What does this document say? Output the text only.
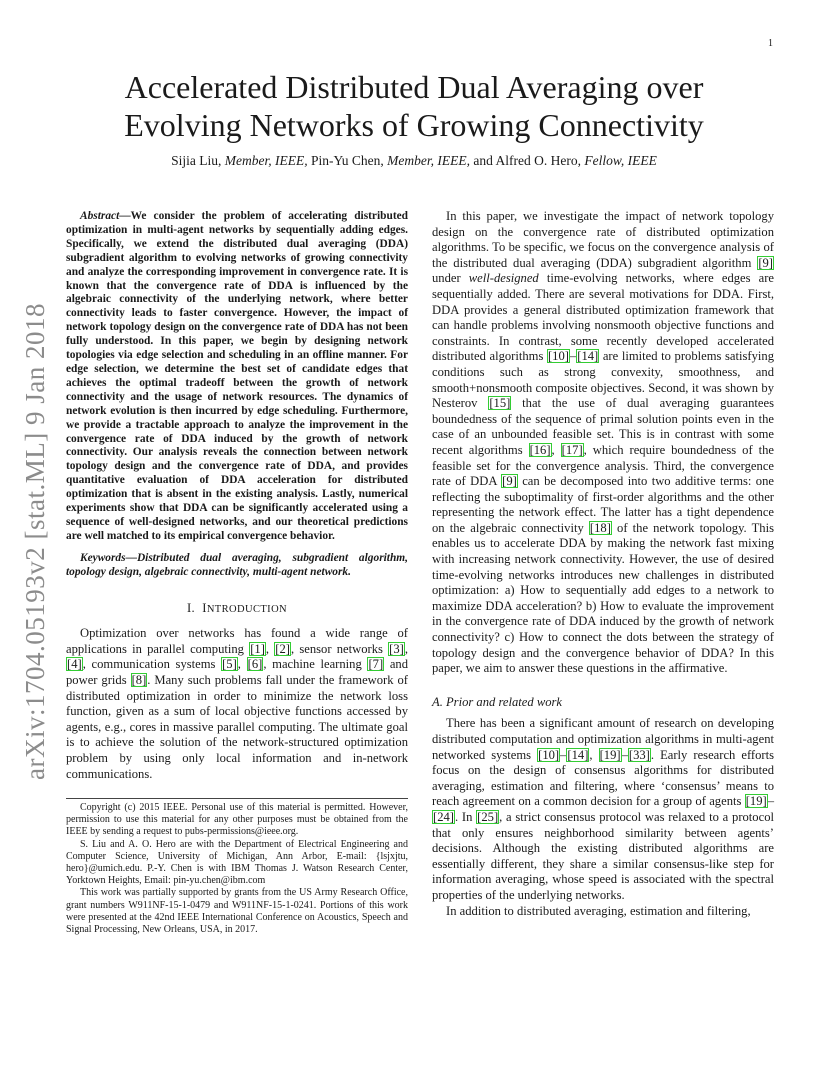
1
Accelerated Distributed Dual Averaging over
Evolving Networks of Growing Connectivity
Sijia Liu, Member, IEEE, Pin-Yu Chen, Member, IEEE, and Alfred O. Hero, Fellow, IEEE
arXiv:1704.05193v2 [stat.ML] 9 Jan 2018

Abstract—We consider the problem of accelerating distributed optimization in multi-agent networks by sequentially adding edges. Specifically, we extend the distributed dual averaging (DDA) subgradient algorithm to evolving networks of growing connectivity and analyze the corresponding improvement in convergence rate. It is known that the convergence rate of DDA is influenced by the algebraic connectivity of the underlying network, where better connectivity leads to faster convergence. However, the impact of network topology design on the convergence rate of DDA has not been fully understood. In this paper, we begin by designing network topologies via edge selection and scheduling in an offline manner. For edge selection, we determine the best set of candidate edges that achieves the optimal tradeoff between the growth of network connectivity and the usage of network resources. The dynamics of network evolution is then incurred by edge scheduling. Furthermore, we provide a tractable approach to analyze the improvement in the convergence rate of DDA induced by the growth of network connectivity. Our analysis reveals the connection between network topology design and the convergence rate of DDA, and provides quantitative evaluation of DDA acceleration for distributed optimization that is absent in the existing analysis. Lastly, numerical experiments show that DDA can be significantly accelerated using a sequence of well-designed networks, and our theoretical predictions are well matched to its empirical convergence behavior.

Keywords—Distributed dual averaging, subgradient algorithm, topology design, algebraic connectivity, multi-agent network.

I. INTRODUCTION

Optimization over networks has found a wide range of applications in parallel computing [1], [2], sensor networks [3], [4], communication systems [5], [6], machine learning [7] and power grids [8]. Many such problems fall under the framework of distributed optimization in order to minimize the network loss function, given as a sum of local objective functions accessed by agents, e.g., cores in massive parallel computing. The ultimate goal is to achieve the solution of the network-structured optimization problem by using only local information and in-network communications.

Copyright (c) 2015 IEEE. Personal use of this material is permitted. However, permission to use this material for any other purposes must be obtained from the IEEE by sending a request to pubs-permissions@ieee.org.

S. Liu and A. O. Hero are with the Department of Electrical Engineering and Computer Science, University of Michigan, Ann Arbor, E-mail: {lsjxjtu, hero}@umich.edu. P.-Y. Chen is with IBM Thomas J. Watson Research Center, Yorktown Heights, Email: pin-yu.chen@ibm.com

This work was partially supported by grants from the US Army Research Office, grant numbers W911NF-15-1-0479 and W911NF-15-1-0241. Portions of this work were presented at the 42nd IEEE International Conference on Acoustics, Speech and Signal Processing, New Orleans, USA, in 2017.

In this paper, we investigate the impact of network topology design on the convergence rate of distributed optimization algorithms. To be specific, we focus on the convergence analysis of the distributed dual averaging (DDA) subgradient algorithm [9] under well-designed time-evolving networks, where edges are sequentially added. There are several motivations for DDA. First, DDA provides a general distributed optimization framework that can handle problems involving nonsmooth objective functions and constraints. In contrast, some recently developed accelerated distributed algorithms [10]–[14] are limited to problems satisfying conditions such as strong convexity, smoothness, and smooth+nonsmooth composite objectives. Second, it was shown by Nesterov [15] that the use of dual averaging guarantees boundedness of the sequence of primal solution points even in the case of an unbounded feasible set. This is in contrast with some recent algorithms [16], [17], which require boundedness of the feasible set for the convergence analysis. Third, the convergence rate of DDA [9] can be decomposed into two additive terms: one reflecting the suboptimality of first-order algorithms and the other representing the network effect. The latter has a tight dependence on the algebraic connectivity [18] of the network topology. This enables us to accelerate DDA by making the network fast mixing with increasing network connectivity. However, the use of desired time-evolving networks introduces new challenges in distributed optimization: a) How to sequentially add edges to a network to maximize DDA acceleration? b) How to evaluate the improvement in the convergence rate of DDA induced by the growth of network connectivity? c) How to connect the dots between the strategy of topology design and the convergence behavior of DDA? In this paper, we aim to answer these questions in the affirmative.

A. Prior and related work

There has been a significant amount of research on developing distributed computation and optimization algorithms in multi-agent networked systems [10]–[14], [19]–[33]. Early research efforts focus on the design of consensus algorithms for distributed averaging, estimation and filtering, where ‘consensus’ means to reach agreement on a common decision for a group of agents [19]–[24]. In [25], a strict consensus protocol was relaxed to a protocol that only ensures neighborhood similarity between agents’ decisions. Although the existing distributed algorithms are essentially different, they share a similar consensus-like step for information averaging, whose speed is associated with the spectral properties of the underlying networks.

In addition to distributed averaging, estimation and filtering,
